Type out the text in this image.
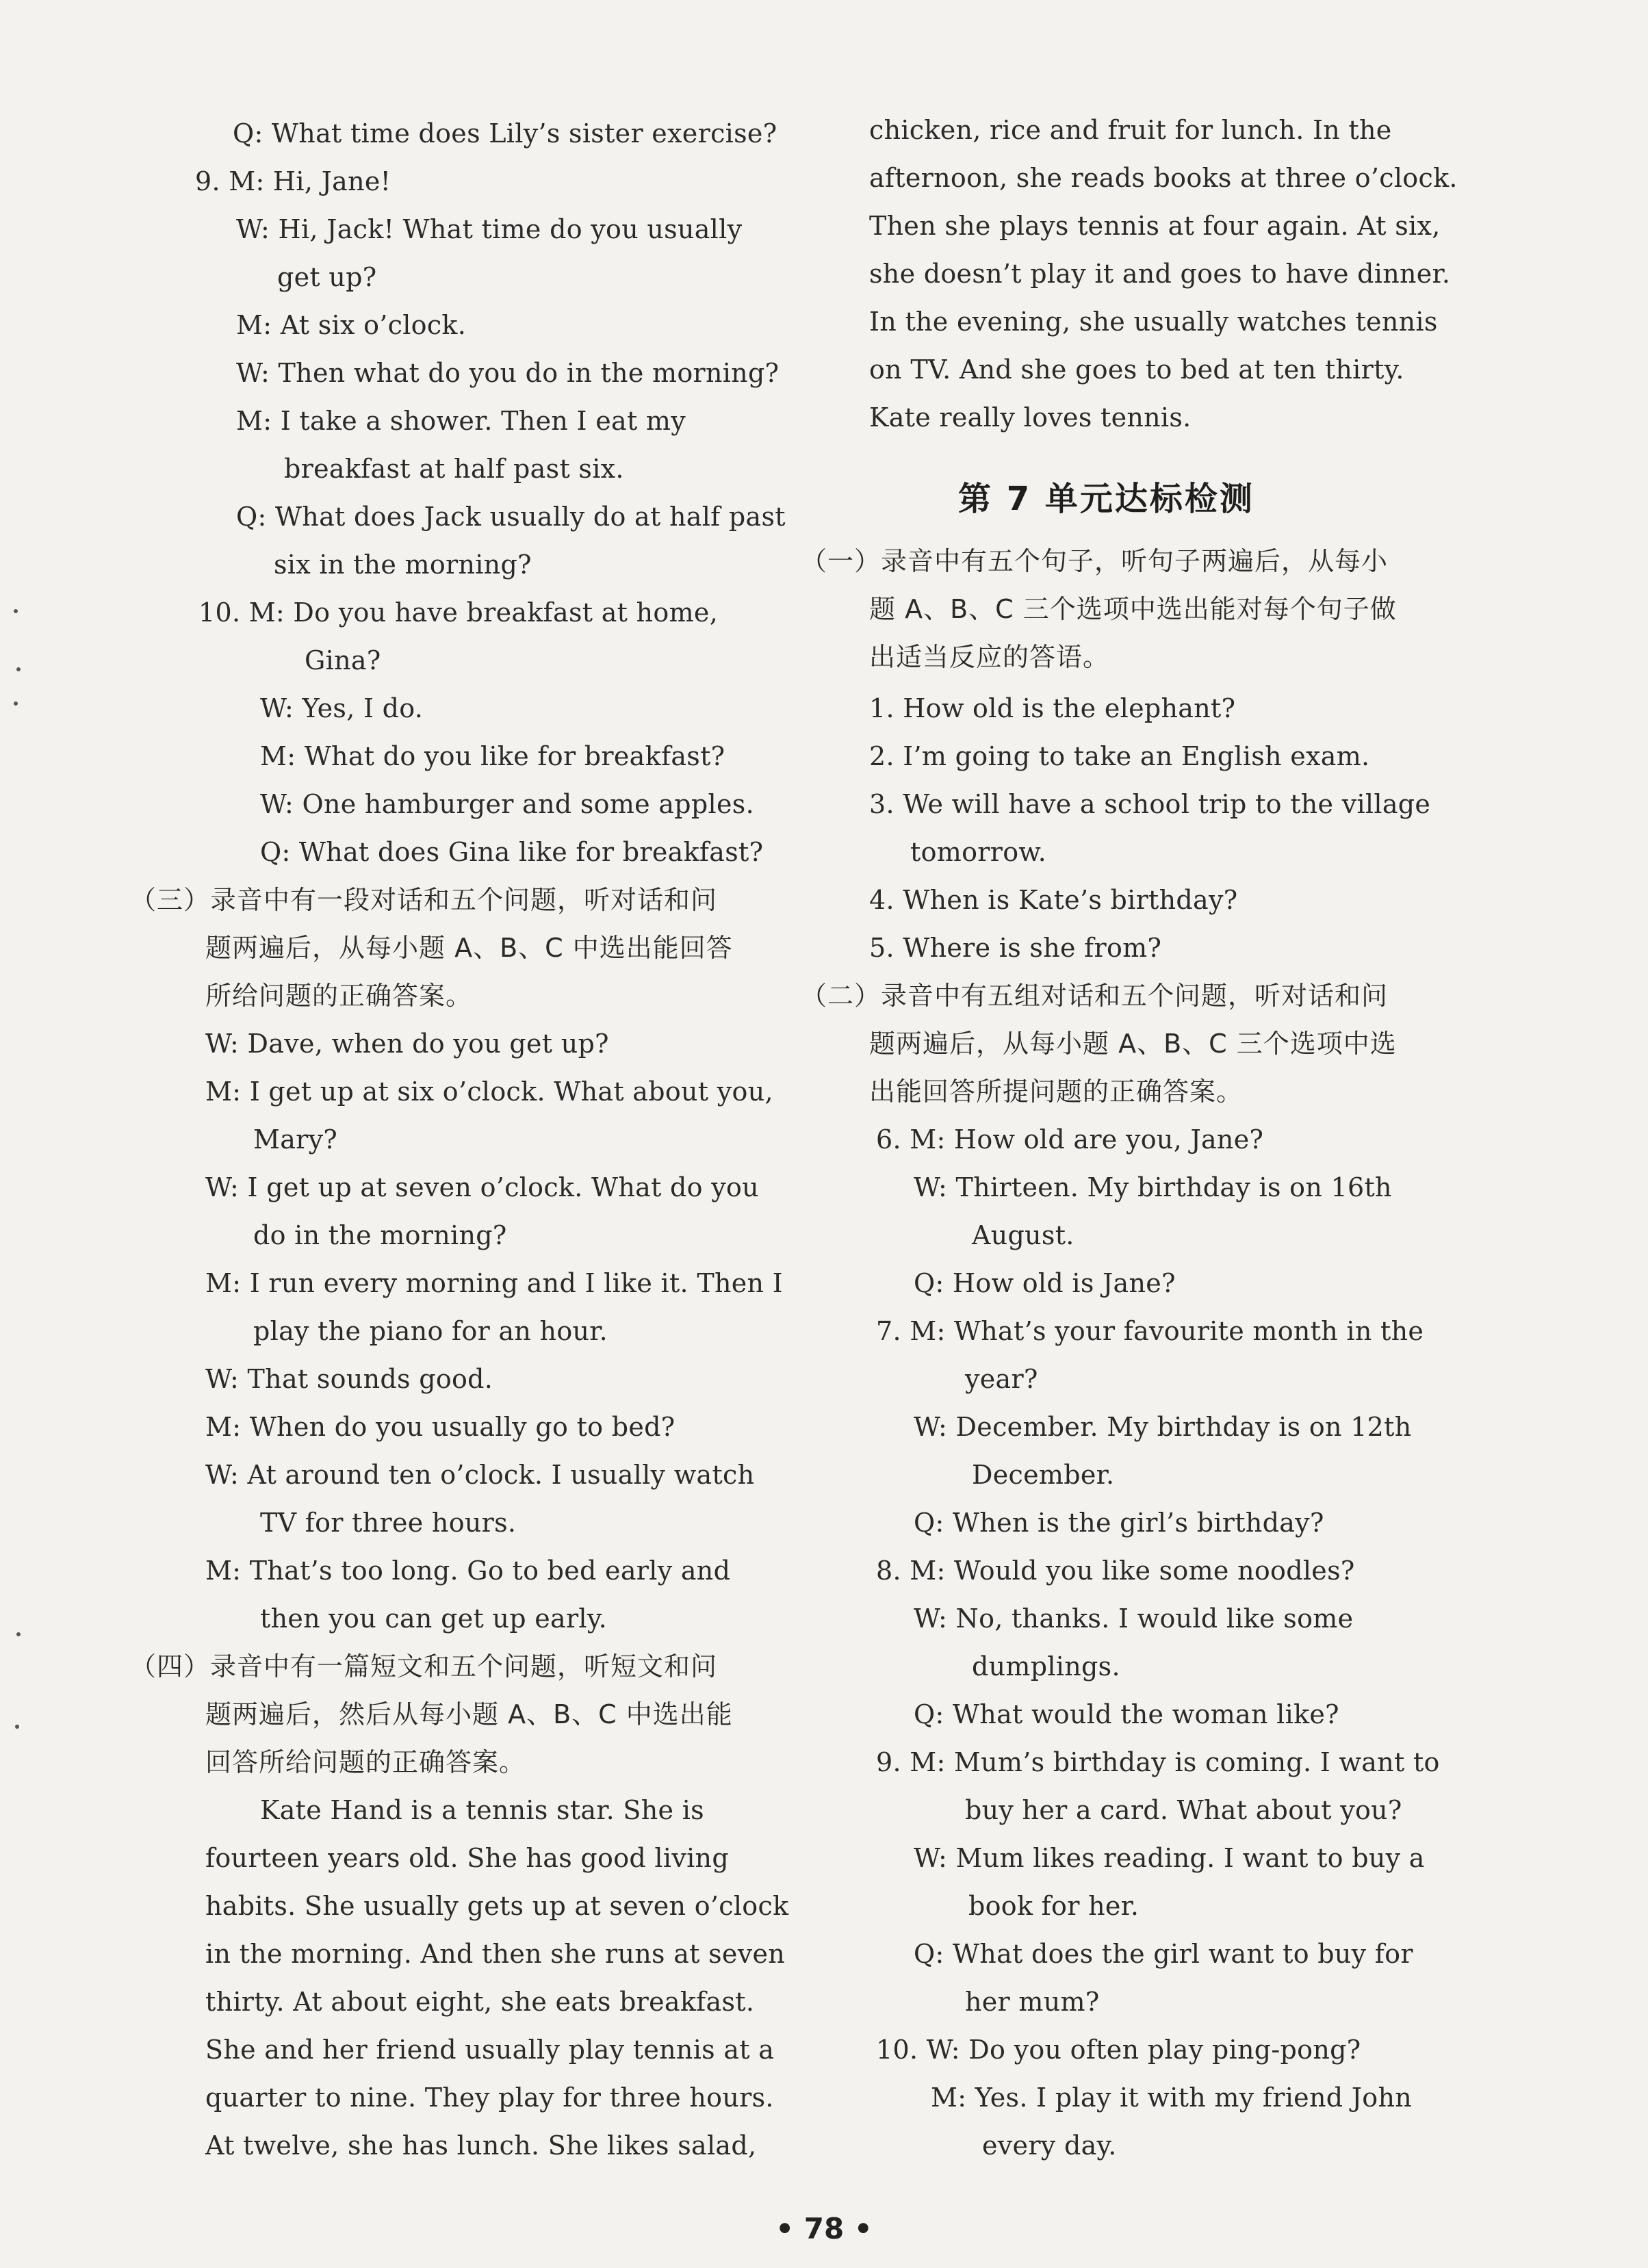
第 7 单元达标检测
• 78 •
Q: What time does Lily’s sister exercise?
9. M: Hi, Jane!
W: Hi, Jack! What time do you usually
get up?
M: At six o’clock.
W: Then what do you do in the morning?
M: I take a shower. Then I eat my
breakfast at half past six.
Q: What does Jack usually do at half past
six in the morning?
10. M: Do you have breakfast at home,
Gina?
W: Yes, I do.
M: What do you like for breakfast?
W: One hamburger and some apples.
Q: What does Gina like for breakfast?
（三）录音中有一段对话和五个问题，听对话和问
题两遍后，从每小题 A、B、C 中选出能回答
所给问题的正确答案。
W: Dave, when do you get up?
M: I get up at six o’clock. What about you,
Mary?
W: I get up at seven o’clock. What do you
do in the morning?
M: I run every morning and I like it. Then I
play the piano for an hour.
W: That sounds good.
M: When do you usually go to bed?
W: At around ten o’clock. I usually watch
TV for three hours.
M: That’s too long. Go to bed early and
then you can get up early.
（四）录音中有一篇短文和五个问题，听短文和问
题两遍后，然后从每小题 A、B、C 中选出能
回答所给问题的正确答案。
Kate Hand is a tennis star. She is
fourteen years old. She has good living
habits. She usually gets up at seven o’clock
in the morning. And then she runs at seven
thirty. At about eight, she eats breakfast.
She and her friend usually play tennis at a
quarter to nine. They play for three hours.
At twelve, she has lunch. She likes salad,
chicken, rice and fruit for lunch. In the
afternoon, she reads books at three o’clock.
Then she plays tennis at four again. At six,
she doesn’t play it and goes to have dinner.
In the evening, she usually watches tennis
on TV. And she goes to bed at ten thirty.
Kate really loves tennis.
（一）录音中有五个句子，听句子两遍后，从每小
题 A、B、C 三个选项中选出能对每个句子做
出适当反应的答语。
1. How old is the elephant?
2. I’m going to take an English exam.
3. We will have a school trip to the village
tomorrow.
4. When is Kate’s birthday?
5. Where is she from?
（二）录音中有五组对话和五个问题，听对话和问
题两遍后，从每小题 A、B、C 三个选项中选
出能回答所提问题的正确答案。
6. M: How old are you, Jane?
W: Thirteen. My birthday is on 16th
August.
Q: How old is Jane?
7. M: What’s your favourite month in the
year?
W: December. My birthday is on 12th
December.
Q: When is the girl’s birthday?
8. M: Would you like some noodles?
W: No, thanks. I would like some
dumplings.
Q: What would the woman like?
9. M: Mum’s birthday is coming. I want to
buy her a card. What about you?
W: Mum likes reading. I want to buy a
book for her.
Q: What does the girl want to buy for
her mum?
10. W: Do you often play ping-pong?
M: Yes. I play it with my friend John
every day.
